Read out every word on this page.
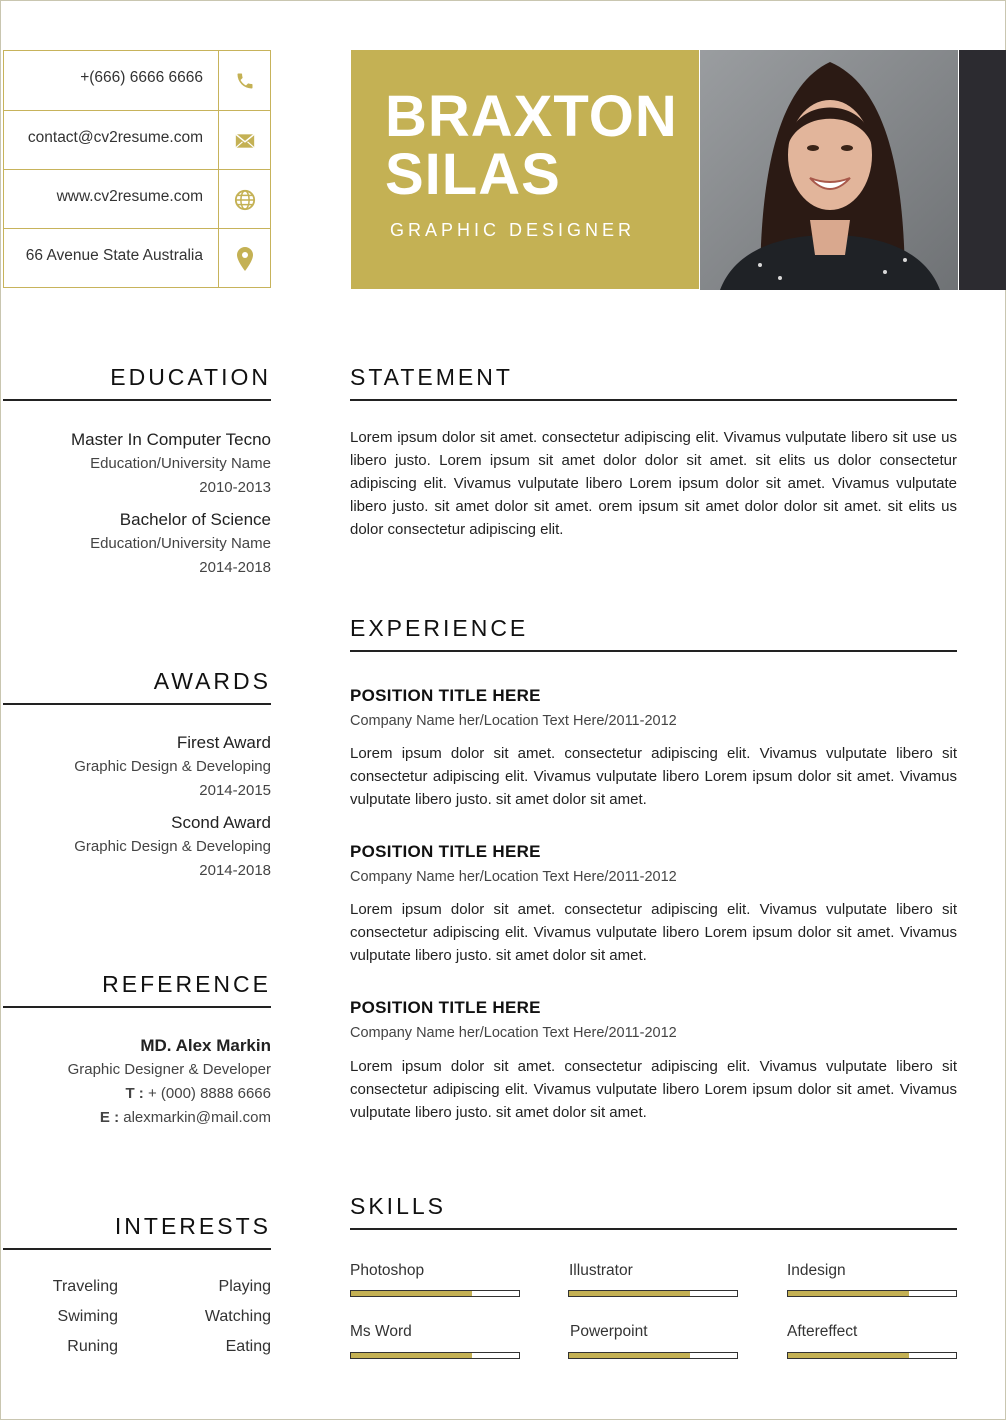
+(666) 6666 6666
contact@cv2resume.com
www.cv2resume.com
66 Avenue State Australia
BRAXTON
SILAS
GRAPHIC DESIGNER
EDUCATION
Master In Computer Tecno
Education/University Name
2010-2013
Bachelor of Science
Education/University Name
2014-2018
AWARDS
Firest Award
Graphic Design & Developing
2014-2015
Scond Award
Graphic Design & Developing
2014-2018
REFERENCE
MD. Alex Markin
Graphic Designer & Developer
T : + (000) 8888 6666
E : alexmarkin@mail.com
INTERESTS
Traveling	Playing
Swiming	Watching
Runing	Eating
STATEMENT
Lorem ipsum dolor sit amet. consectetur adipiscing elit. Vivamus vulputate libero sit use us libero justo. Lorem ipsum sit amet dolor dolor sit amet. sit elits us dolor consectetur adipiscing elit. Vivamus vulputate libero Lorem ipsum dolor sit amet. Vivamus vulputate libero justo. sit amet dolor sit amet. orem ipsum sit amet dolor dolor sit amet. sit elits us dolor consectetur adipiscing elit.
EXPERIENCE
POSITION TITLE HERE
Company Name her/Location Text Here/2011-2012
Lorem ipsum dolor sit amet. consectetur adipiscing elit. Vivamus vulputate libero sit consectetur adipiscing elit. Vivamus vulputate libero Lorem ipsum dolor sit amet. Vivamus vulputate libero justo. sit amet dolor sit amet.
POSITION TITLE HERE
Company Name her/Location Text Here/2011-2012
Lorem ipsum dolor sit amet. consectetur adipiscing elit. Vivamus vulputate libero sit consectetur adipiscing elit. Vivamus vulputate libero Lorem ipsum dolor sit amet. Vivamus vulputate libero justo. sit amet dolor sit amet.
POSITION TITLE HERE
Company Name her/Location Text Here/2011-2012
Lorem ipsum dolor sit amet. consectetur adipiscing elit. Vivamus vulputate libero sit consectetur adipiscing elit. Vivamus vulputate libero Lorem ipsum dolor sit amet. Vivamus vulputate libero justo. sit amet dolor sit amet.
SKILLS
Photoshop	Illustrator	Indesign
Ms Word	Powerpoint	Aftereffect
